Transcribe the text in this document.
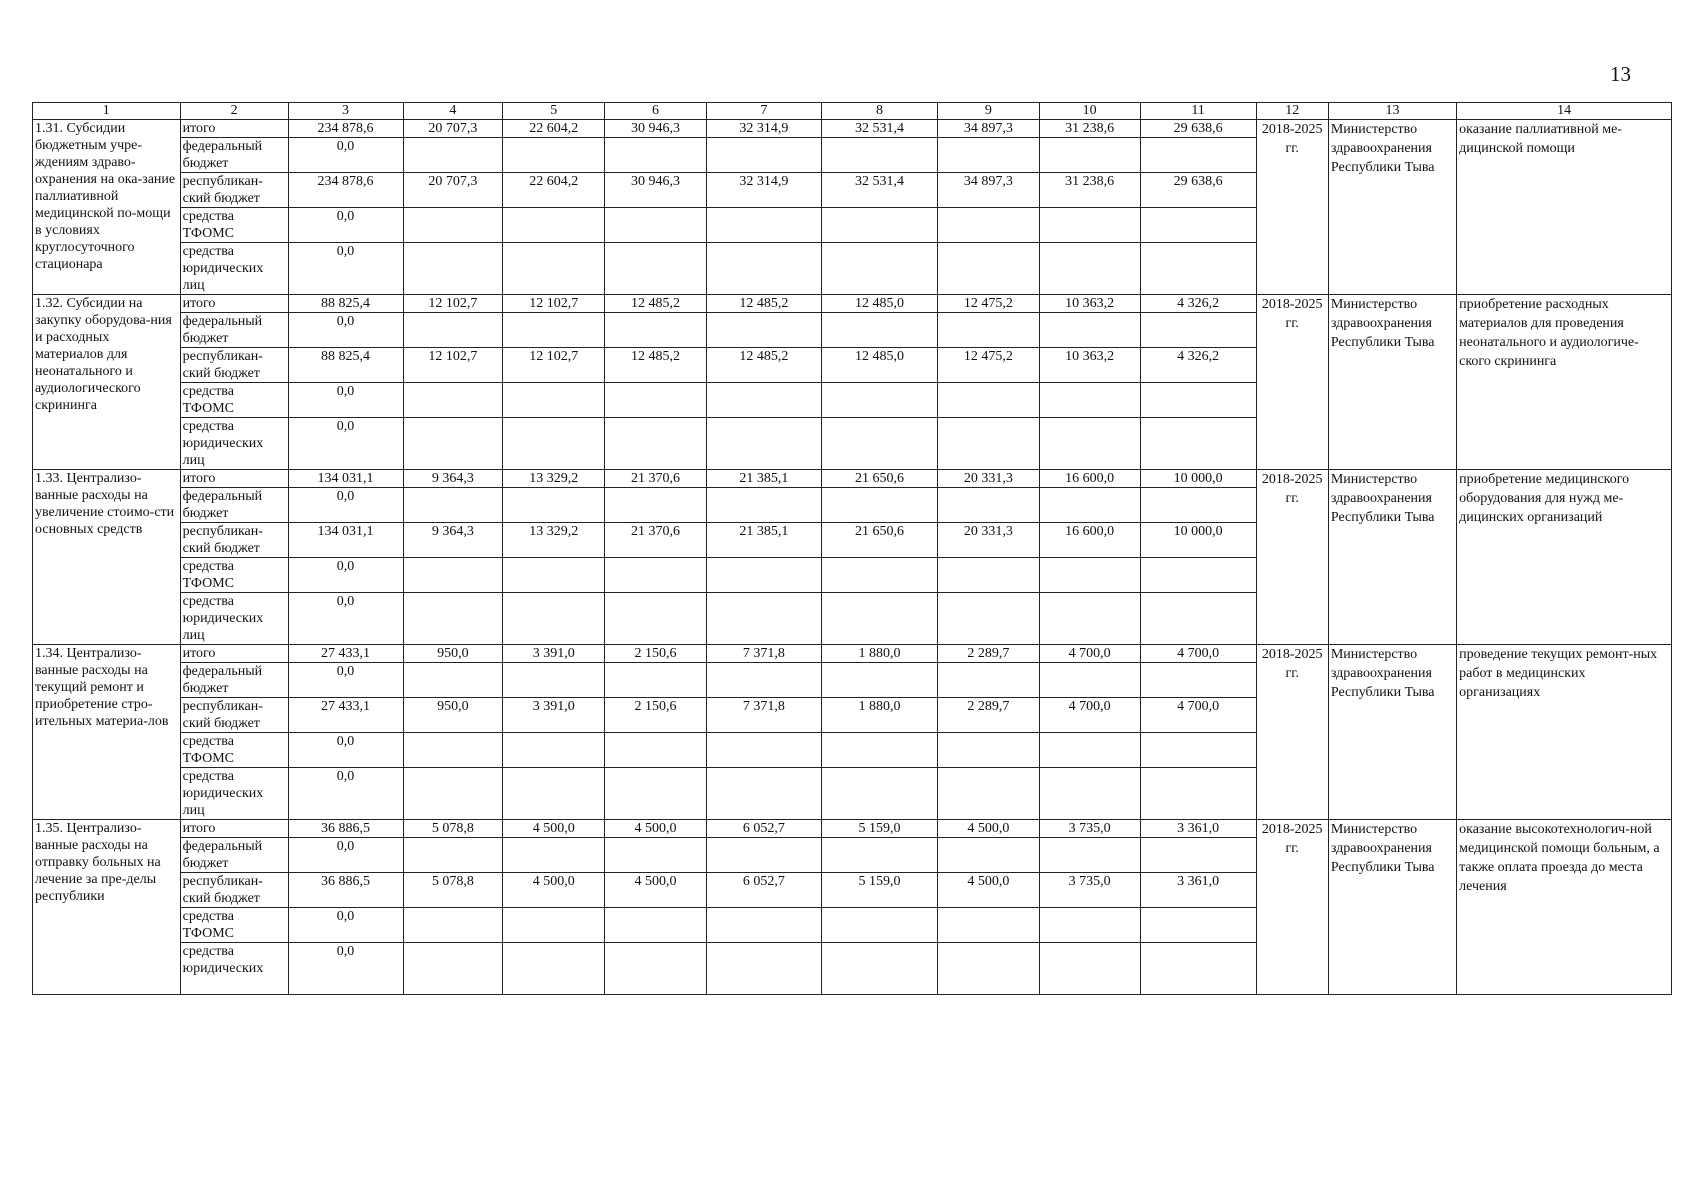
13
1	2	3	4	5	6	7	8	9	10	11	12	13	14
1.31. Субсидии бюджетным учре-ждениям здраво-охранения на ока-зание паллиативной медицинской по-мощи в условиях круглосуточного стационара	итого	234 878,6	20 707,3	22 604,2	30 946,3	32 314,9	32 531,4	34 897,3	31 238,6	29 638,6	2018-2025 гг.	Министерство здравоохранения Республики Тыва	оказание паллиативной ме-дицинской помощи
	федеральный бюджет	0,0											
	республикан-ский бюджет	234 878,6	20 707,3	22 604,2	30 946,3	32 314,9	32 531,4	34 897,3	31 238,6	29 638,6			
	средства ТФОМС	0,0											
	средства юридических лиц	0,0											
1.32. Субсидии на закупку оборудова-ния и расходных материалов для неонатального и аудиологического скрининга	итого	88 825,4	12 102,7	12 102,7	12 485,2	12 485,2	12 485,0	12 475,2	10 363,2	4 326,2	2018-2025 гг.	Министерство здравоохранения Республики Тыва	приобретение расходных материалов для проведения неонатального и аудиологиче-ского скрининга
	федеральный бюджет	0,0											
	республикан-ский бюджет	88 825,4	12 102,7	12 102,7	12 485,2	12 485,2	12 485,0	12 475,2	10 363,2	4 326,2			
	средства ТФОМС	0,0											
	средства юридических лиц	0,0											
1.33. Централизо-ванные расходы на увеличение стоимо-сти основных средств	итого	134 031,1	9 364,3	13 329,2	21 370,6	21 385,1	21 650,6	20 331,3	16 600,0	10 000,0	2018-2025 гг.	Министерство здравоохранения Республики Тыва	приобретение медицинского оборудования для нужд ме-дицинских организаций
	федеральный бюджет	0,0											
	республикан-ский бюджет	134 031,1	9 364,3	13 329,2	21 370,6	21 385,1	21 650,6	20 331,3	16 600,0	10 000,0			
	средства ТФОМС	0,0											
	средства юридических лиц	0,0											
1.34. Централизо-ванные расходы на текущий ремонт и приобретение стро-ительных материа-лов	итого	27 433,1	950,0	3 391,0	2 150,6	7 371,8	1 880,0	2 289,7	4 700,0	4 700,0	2018-2025 гг.	Министерство здравоохранения Республики Тыва	проведение текущих ремонт-ных работ в медицинских организациях
	федеральный бюджет	0,0											
	республикан-ский бюджет	27 433,1	950,0	3 391,0	2 150,6	7 371,8	1 880,0	2 289,7	4 700,0	4 700,0			
	средства ТФОМС	0,0											
	средства юридических лиц	0,0											
1.35. Централизо-ванные расходы на отправку больных на лечение за пре-делы республики	итого	36 886,5	5 078,8	4 500,0	4 500,0	6 052,7	5 159,0	4 500,0	3 735,0	3 361,0	2018-2025 гг.	Министерство здравоохранения Республики Тыва	оказание высокотехнологич-ной медицинской помощи больным, а также оплата проезда до места лечения
	федеральный бюджет	0,0											
	республикан-ский бюджет	36 886,5	5 078,8	4 500,0	4 500,0	6 052,7	5 159,0	4 500,0	3 735,0	3 361,0			
	средства ТФОМС	0,0											
	средства юридических	0,0											
